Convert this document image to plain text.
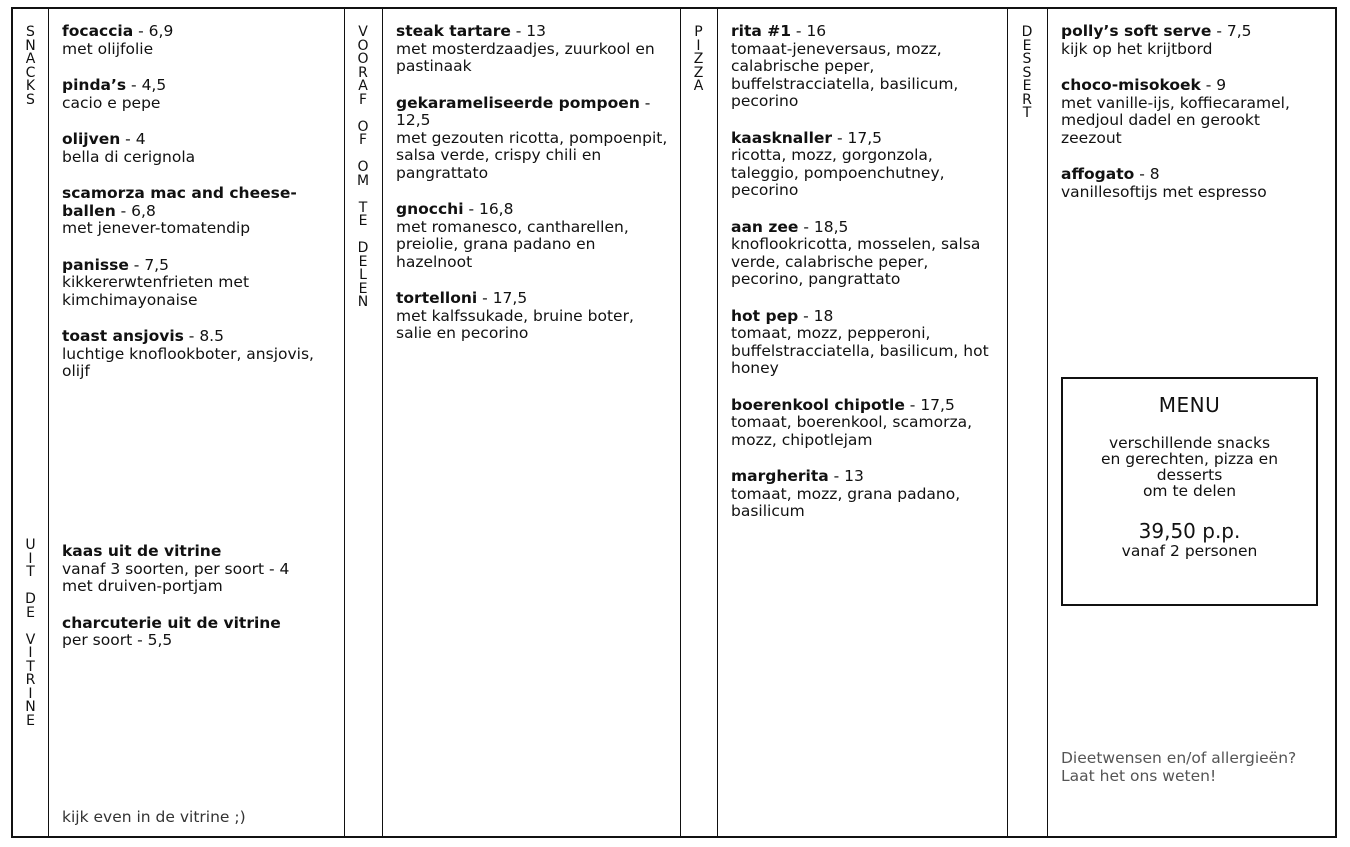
S
N
A
C
K
S
U
I
T

D
E

V
I
T
R
I
N
E
V
O
O
R
A
F

O
F

O
M

T
E

D
E
L
E
N
P
I
Z
Z
A
D
E
S
S
E
R
T
focaccia - 6,9
met olijfolie
pinda’s - 4,5
cacio e pepe
olijven - 4
bella di cerignola
scamorza mac and cheese-ballen - 6,8
met jenever-tomatendip
panisse - 7,5
kikkererwtenfrieten met kimchimayonaise
toast ansjovis - 8.5
luchtige knoflookboter, ansjovis, olijf
kaas uit de vitrine
vanaf 3 soorten, per soort - 4
met druiven-portjam
charcuterie uit de vitrine
per soort - 5,5
kijk even in de vitrine ;)
steak tartare - 13
met mosterdzaadjes, zuurkool en pastinaak
gekarameliseerde pompoen - 12,5
met gezouten ricotta, pompoenpit, salsa verde, crispy chili en pangrattato
gnocchi - 16,8
met romanesco, cantharellen, preiolie, grana padano en hazelnoot
tortelloni - 17,5
met kalfssukade, bruine boter, salie en pecorino
rita #1 - 16
tomaat-jeneversaus, mozz, calabrische peper, buffelstracciatella, basilicum, pecorino
kaasknaller - 17,5
ricotta, mozz, gorgonzola, taleggio, pompoenchutney, pecorino
aan zee - 18,5
knoflookricotta, mosselen, salsa verde, calabrische peper, pecorino, pangrattato
hot pep - 18
tomaat, mozz, pepperoni, buffelstracciatella, basilicum, hot honey
boerenkool chipotle - 17,5
tomaat, boerenkool, scamorza, mozz, chipotlejam
margherita - 13
tomaat, mozz, grana padano, basilicum
polly’s soft serve - 7,5
kijk op het krijtbord
choco-misokoek - 9
met vanille-ijs, koffiecaramel, medjoul dadel en gerookt zeezout
affogato - 8
vanillesoftijs met espresso
Dieetwensen en/of allergieën? Laat het ons weten!
MENU
verschillende snacks
en gerechten, pizza en
desserts
om te delen
39,50 p.p.
vanaf 2 personen
